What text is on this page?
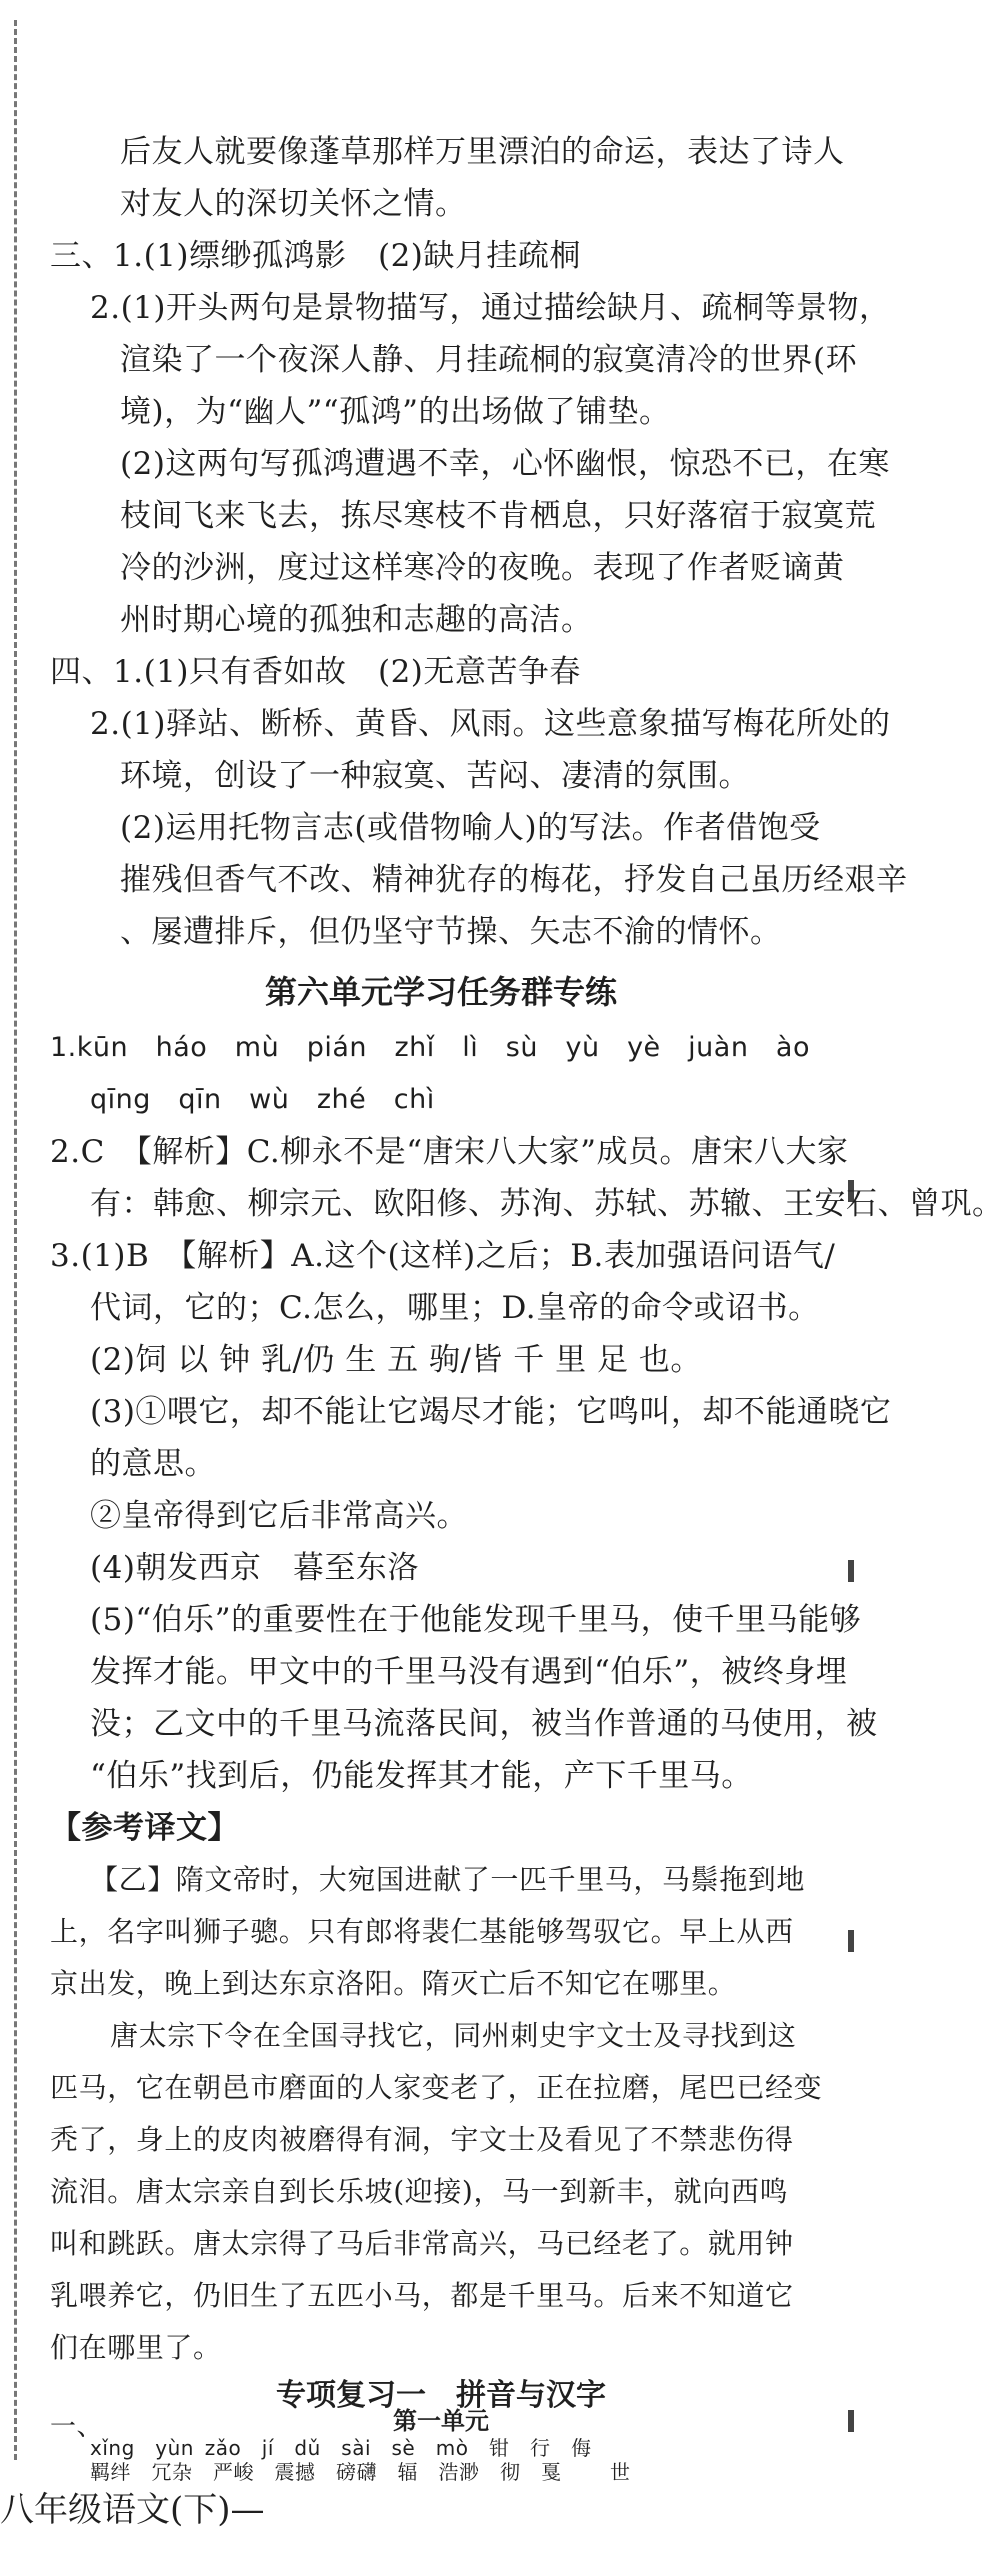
后友人就要像蓬草那样万里漂泊的命运，表达了诗人
对友人的深切关怀之情。
三、1.(1)缥缈孤鸿影　(2)缺月挂疏桐
2.(1)开头两句是景物描写，通过描绘缺月、疏桐等景物，
渲染了一个夜深人静、月挂疏桐的寂寞清冷的世界(环
境)，为“幽人”“孤鸿”的出场做了铺垫。
(2)这两句写孤鸿遭遇不幸，心怀幽恨，惊恐不已，在寒
枝间飞来飞去，拣尽寒枝不肯栖息，只好落宿于寂寞荒
冷的沙洲，度过这样寒冷的夜晚。表现了作者贬谪黄
州时期心境的孤独和志趣的高洁。
四、1.(1)只有香如故　(2)无意苦争春
2.(1)驿站、断桥、黄昏、风雨。这些意象描写梅花所处的
环境，创设了一种寂寞、苦闷、凄清的氛围。
(2)运用托物言志(或借物喻人)的写法。作者借饱受
摧残但香气不改、精神犹存的梅花，抒发自己虽历经艰辛
、屡遭排斥，但仍坚守节操、矢志不渝的情怀。
第六单元学习任务群专练
1.kūn　háo　mù　pián　zhǐ　lì　sù　yù　yè　juàn　ào
qīng　qīn　wù　zhé　chì
2.C　【解析】C.柳永不是“唐宋八大家”成员。唐宋八大家
有：韩愈、柳宗元、欧阳修、苏洵、苏轼、苏辙、王安石、曾巩。
3.(1)B　【解析】A.这个(这样)之后；B.表加强语问语气/
代词，它的；C.怎么，哪里；D.皇帝的命令或诏书。
(2)饲 以 钟 乳/仍 生 五 驹/皆 千 里 足 也。
(3)①喂它，却不能让它竭尽才能；它鸣叫，却不能通晓它
的意思。
②皇帝得到它后非常高兴。
(4)朝发西京　暮至东洛
(5)“伯乐”的重要性在于他能发现千里马，使千里马能够
发挥才能。甲文中的千里马没有遇到“伯乐”，被终身埋
没；乙文中的千里马流落民间，被当作普通的马使用，被
“伯乐”找到后，仍能发挥其才能，产下千里马。
【参考译文】
【乙】隋文帝时，大宛国进献了一匹千里马，马鬃拖到地
上，名字叫狮子骢。只有郎将裴仁基能够驾驭它。早上从西
京出发，晚上到达东京洛阳。隋灭亡后不知它在哪里。
唐太宗下令在全国寻找它，同州刺史宇文士及寻找到这
匹马，它在朝邑市磨面的人家变老了，正在拉磨，尾巴已经变
秃了，身上的皮肉被磨得有洞，宇文士及看见了不禁悲伤得
流泪。唐太宗亲自到长乐坡(迎接)，马一到新丰，就向西鸣
叫和跳跃。唐太宗得了马后非常高兴，马已经老了。就用钟
乳喂养它，仍旧生了五匹小马，都是千里马。后来不知道它
们在哪里了。
专项复习一　拼音与汉字
一、	第一单元
xǐng　yùn zǎo　jí　dǔ　sài　sè　mò　钳　行　侮
羁绊　冗杂　严峻　震撼　磅礴　辐　浩渺　彻　戛 世
八年级语文(下)—
